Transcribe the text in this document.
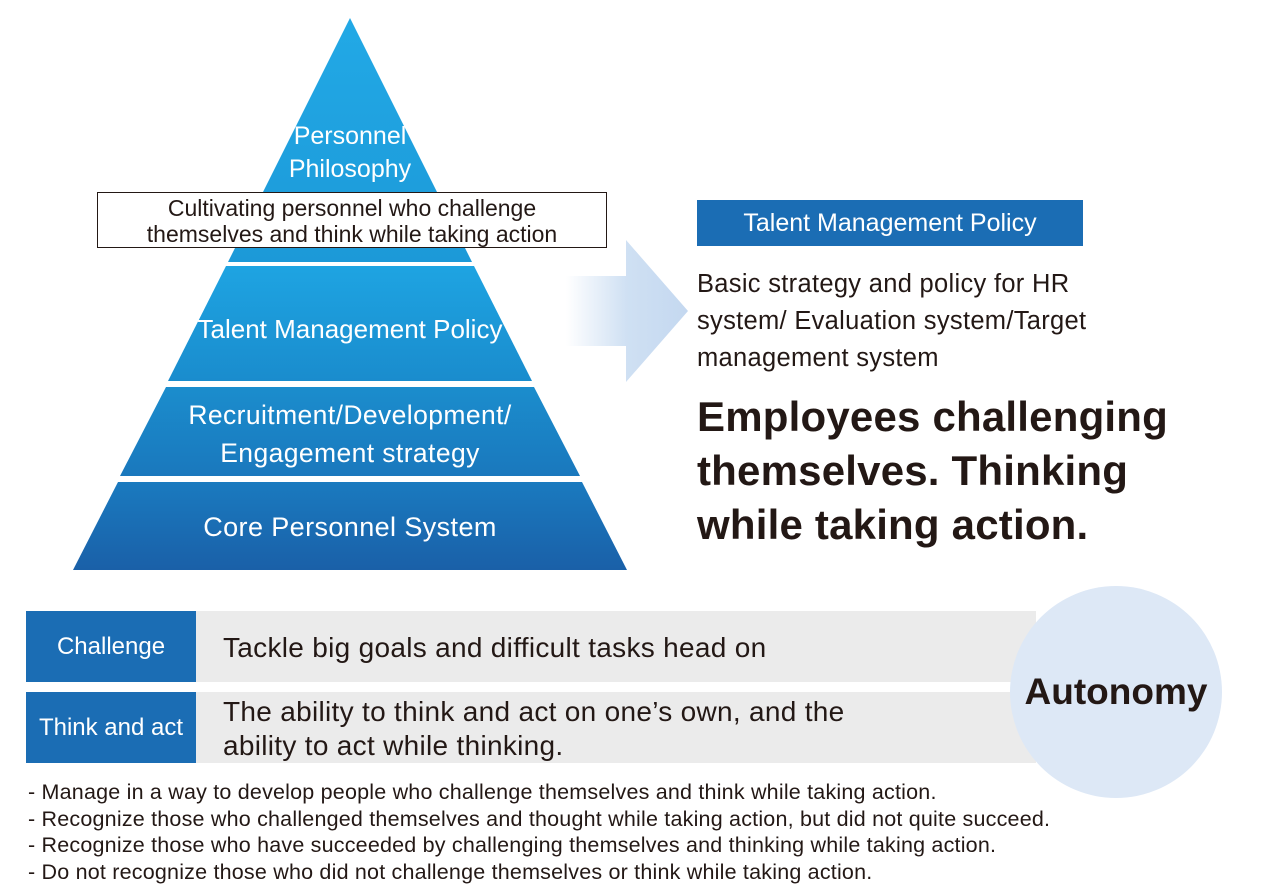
Personnel
Philosophy
Cultivating personnel who challenge
themselves and think while taking action
Talent Management Policy
Recruitment/Development/
Engagement strategy
Core Personnel System
Talent Management Policy
Basic strategy and policy for HR
system/ Evaluation system/Target
management system
Employees challenging
themselves. Thinking
while taking action.
Challenge	Tackle big goals and difficult tasks head on
Think and act
The ability to think and act on one’s own, and the
ability to act while thinking.
Autonomy
- Manage in a way to develop people who challenge themselves and think while taking action.
- Recognize those who challenged themselves and thought while taking action, but did not quite succeed.
- Recognize those who have succeeded by challenging themselves and thinking while taking action.
- Do not recognize those who did not challenge themselves or think while taking action.
